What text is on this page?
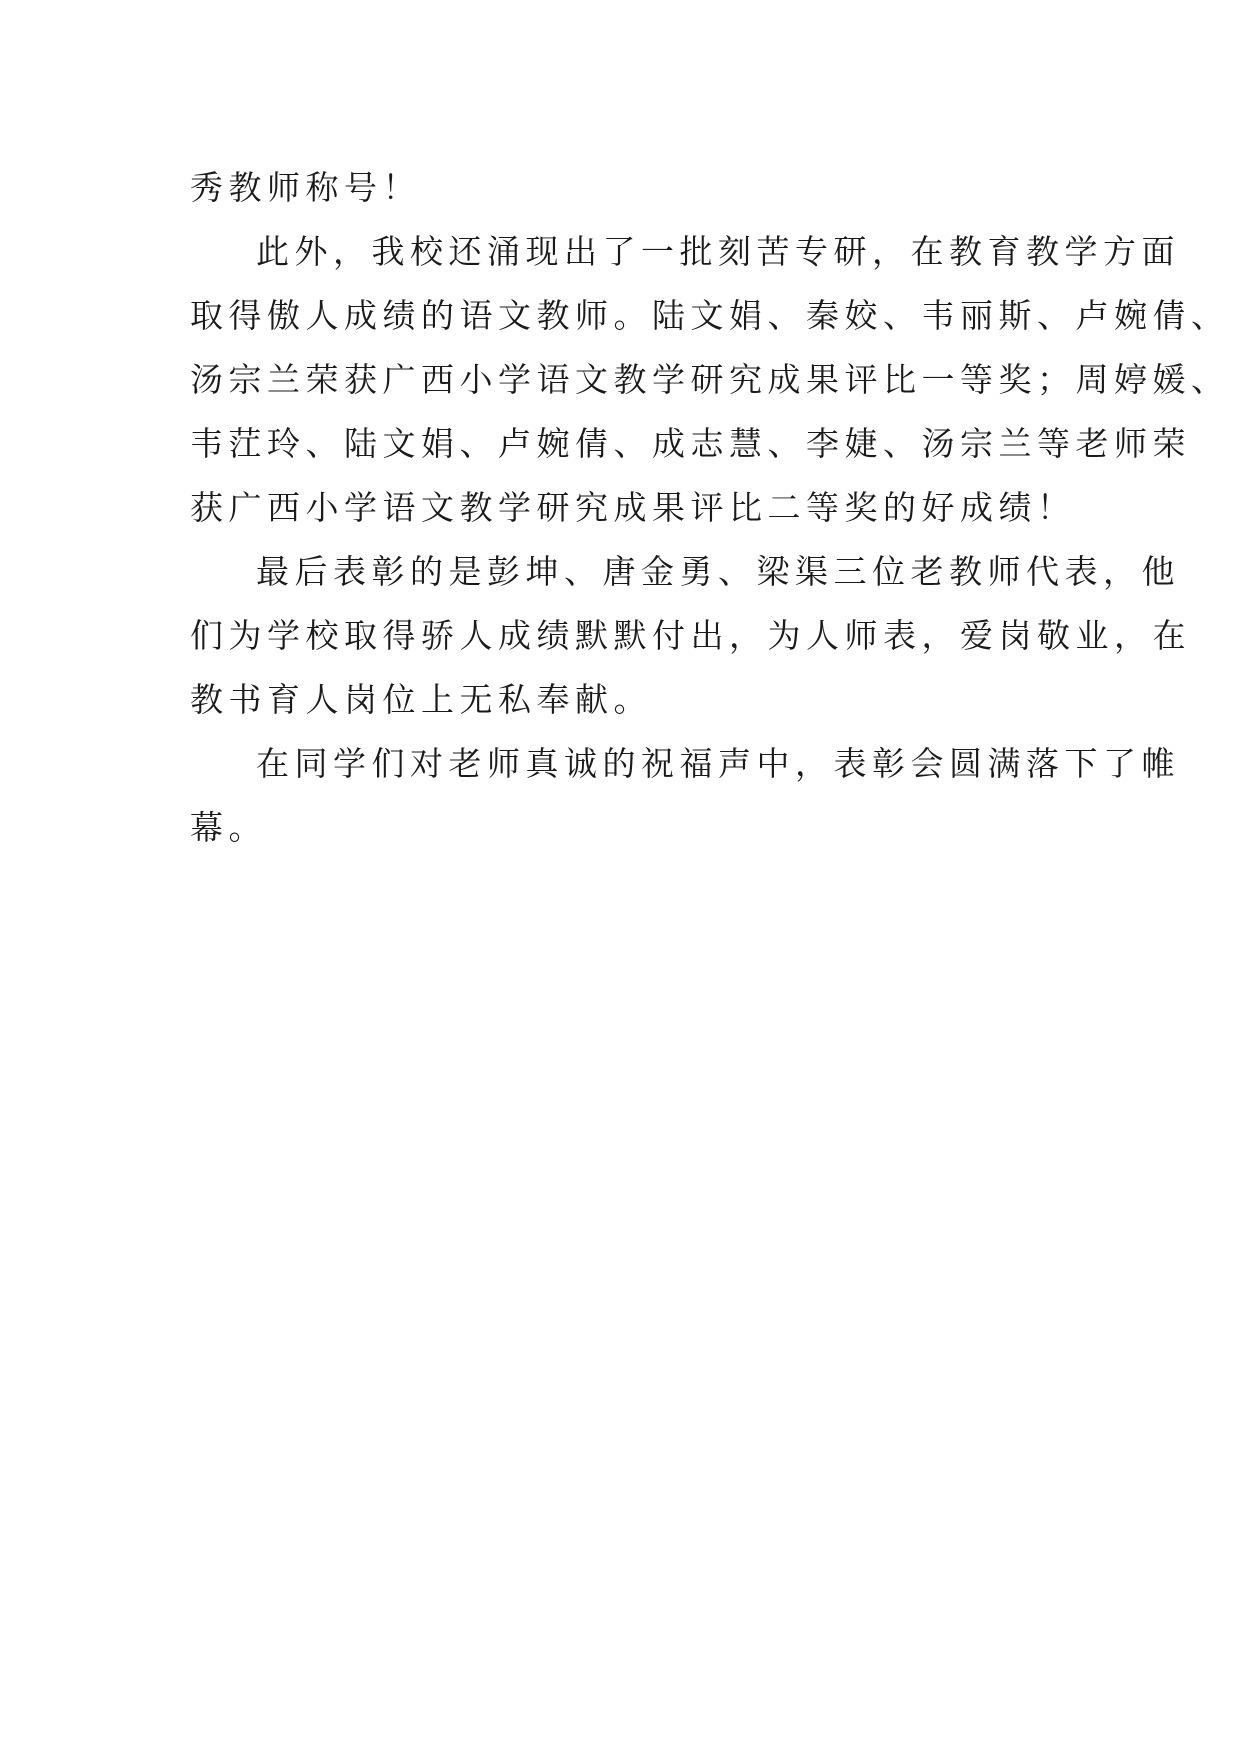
秀教师称号！
此外，我校还涌现出了一批刻苦专研，在教育教学方面
取得傲人成绩的语文教师。陆文娟、秦姣、韦丽斯、卢婉倩、
汤宗兰荣获广西小学语文教学研究成果评比一等奖；周婷媛、
韦茳玲、陆文娟、卢婉倩、成志慧、李婕、汤宗兰等老师荣
获广西小学语文教学研究成果评比二等奖的好成绩！
最后表彰的是彭坤、唐金勇、梁渠三位老教师代表，他
们为学校取得骄人成绩默默付出，为人师表，爱岗敬业，在
教书育人岗位上无私奉献。
在同学们对老师真诚的祝福声中，表彰会圆满落下了帷
幕。
